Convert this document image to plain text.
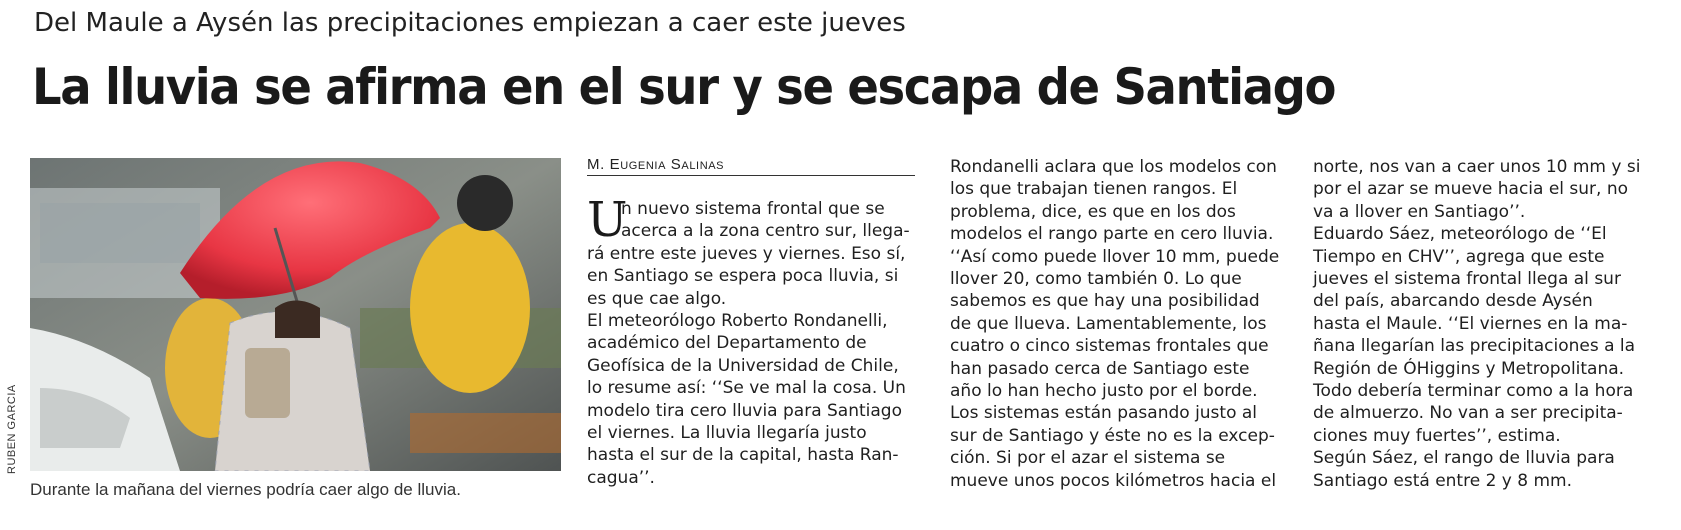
Del Maule a Aysén las precipitaciones empiezan a caer este jueves
La lluvia se afirma en el sur y se escapa de Santiago
RUBEN GARCIA
Durante la mañana del viernes podría caer algo de lluvia.
M. Eugenia Salinas
U
n nuevo sistema frontal que se
acerca a la zona centro sur, llega-
rá entre este jueves y viernes. Eso sí,
en Santiago se espera poca lluvia, si
es que cae algo.
El meteorólogo Roberto Rondanelli,
académico del Departamento de
Geofísica de la Universidad de Chile,
lo resume así: ‘‘Se ve mal la cosa. Un
modelo tira cero lluvia para Santiago
el viernes. La lluvia llegaría justo
hasta el sur de la capital, hasta Ran-
cagua’’.
Rondanelli aclara que los modelos con
los que trabajan tienen rangos. El
problema, dice, es que en los dos
modelos el rango parte en cero lluvia.
‘‘Así como puede llover 10 mm, puede
llover 20, como también 0. Lo que
sabemos es que hay una posibilidad
de que llueva. Lamentablemente, los
cuatro o cinco sistemas frontales que
han pasado cerca de Santiago este
año lo han hecho justo por el borde.
Los sistemas están pasando justo al
sur de Santiago y éste no es la excep-
ción. Si por el azar el sistema se
mueve unos pocos kilómetros hacia el
norte, nos van a caer unos 10 mm y si
por el azar se mueve hacia el sur, no
va a llover en Santiago’’.
Eduardo Sáez, meteorólogo de ‘‘El
Tiempo en CHV’’, agrega que este
jueves el sistema frontal llega al sur
del país, abarcando desde Aysén
hasta el Maule. ‘‘El viernes en la ma-
ñana llegarían las precipitaciones a la
Región de ÓHiggins y Metropolitana.
Todo debería terminar como a la hora
de almuerzo. No van a ser precipita-
ciones muy fuertes’’, estima.
Según Sáez, el rango de lluvia para
Santiago está entre 2 y 8 mm.
